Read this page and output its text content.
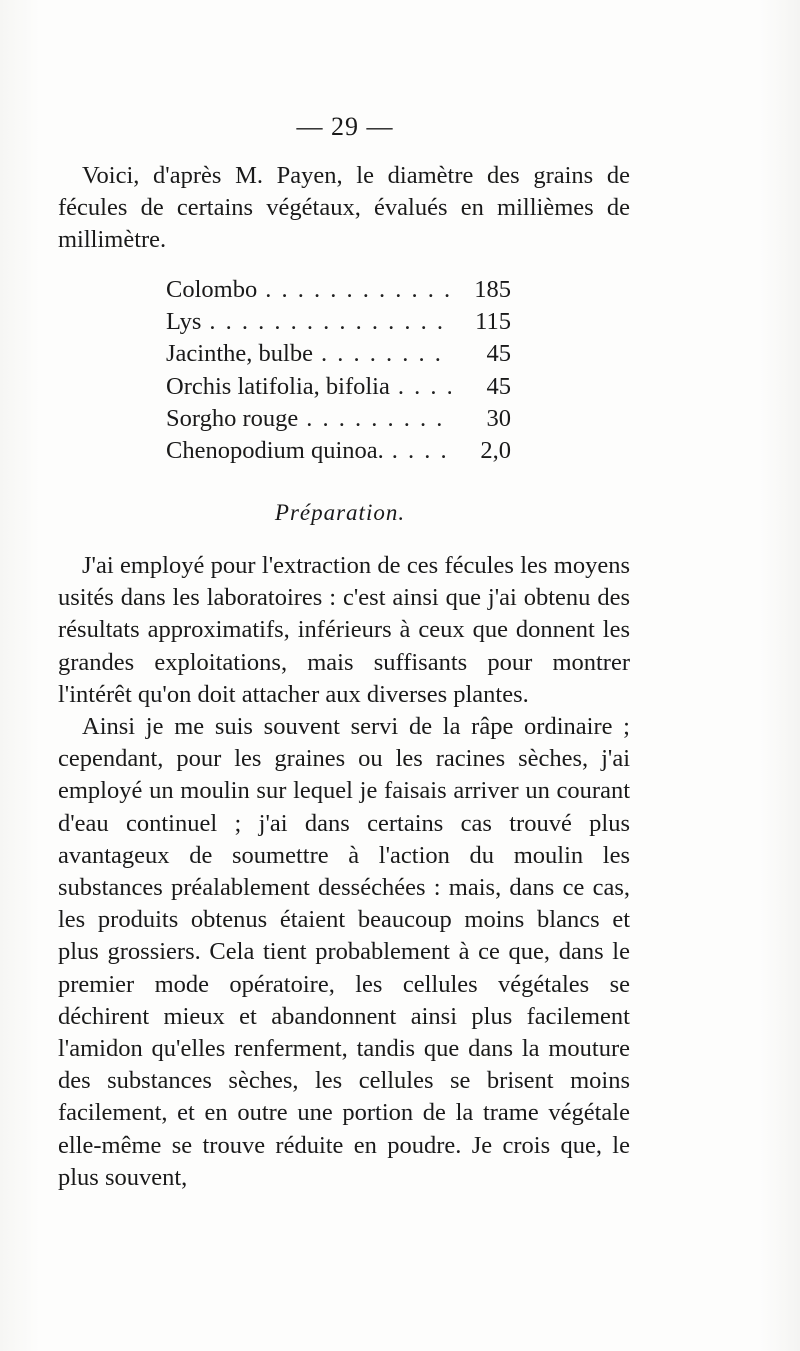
— 29 —
Voici, d'après M. Payen, le diamètre des grains de fécules de certains végétaux, évalués en millièmes de millimètre.
Colombo . . .	185
Lys . . .	115
Jacinthe, bulbe . . .	45
Orchis latifolia, bifolia . . .	45
Sorgho rouge . . .	30
Chenopodium quinoa. . . .	2,0
Préparation.

J'ai employé pour l'extraction de ces fécules les moyens usités dans les laboratoires : c'est ainsi que j'ai obtenu des résultats approximatifs, inférieurs à ceux que donnent les grandes exploitations, mais suffisants pour montrer l'intérêt qu'on doit attacher aux diverses plantes.

Ainsi je me suis souvent servi de la râpe ordinaire ; cependant, pour les graines ou les racines sèches, j'ai employé un moulin sur lequel je faisais arriver un courant d'eau continuel ; j'ai dans certains cas trouvé plus avantageux de soumettre à l'action du moulin les substances préalablement desséchées : mais, dans ce cas, les produits obtenus étaient beaucoup moins blancs et plus grossiers. Cela tient probablement à ce que, dans le premier mode opératoire, les cellules végétales se déchirent mieux et abandonnent ainsi plus facilement l'amidon qu'elles renferment, tandis que dans la mouture des substances sèches, les cellules se brisent moins facilement, et en outre une portion de la trame végétale elle-même se trouve réduite en poudre. Je crois que, le plus souvent,
